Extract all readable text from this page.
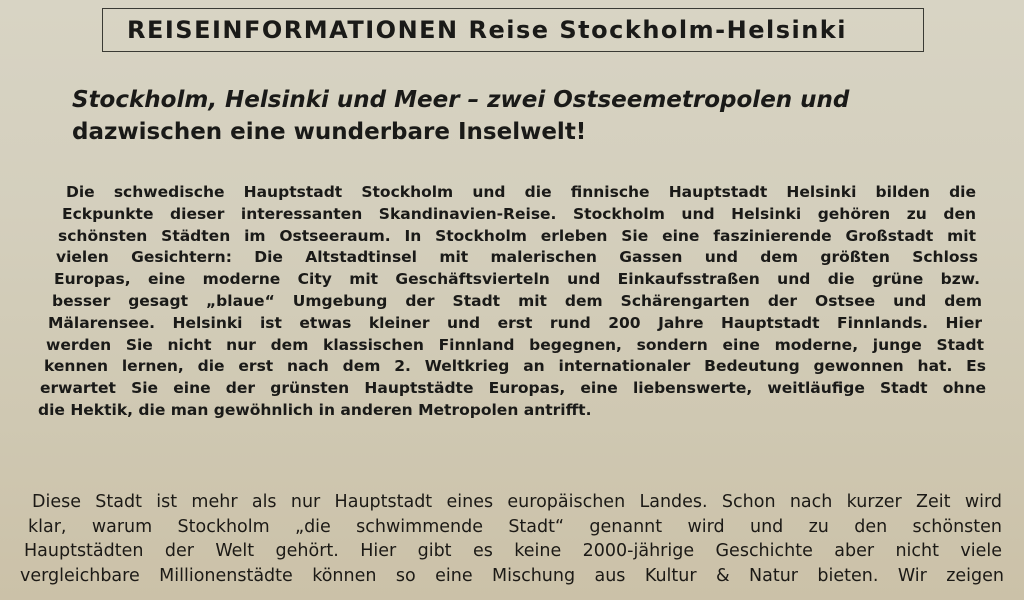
REISEINFORMATIONEN Reise Stockholm-Helsinki
Stockholm, Helsinki und Meer – zwei Ostseemetropolen und

dazwischen eine wunderbare Inselwelt!

Die schwedische Hauptstadt Stockholm und die finnische Hauptstadt Helsinki bilden die
Eckpunkte dieser interessanten Skandinavien-Reise. Stockholm und Helsinki gehören zu den
schönsten Städten im Ostseeraum. In Stockholm erleben Sie eine faszinierende Großstadt mit
vielen Gesichtern: Die Altstadtinsel mit malerischen Gassen und dem größten Schloss
Europas, eine moderne City mit Geschäftsvierteln und Einkaufsstraßen und die grüne bzw.
besser gesagt „blaue“ Umgebung der Stadt mit dem Schärengarten der Ostsee und dem
Mälarensee. Helsinki ist etwas kleiner und erst rund 200 Jahre Hauptstadt Finnlands. Hier
werden Sie nicht nur dem klassischen Finnland begegnen, sondern eine moderne, junge Stadt
kennen lernen, die erst nach dem 2. Weltkrieg an internationaler Bedeutung gewonnen hat. Es
erwartet Sie eine der grünsten Hauptstädte Europas, eine liebenswerte, weitläufige Stadt ohne
die Hektik, die man gewöhnlich in anderen Metropolen antrifft.

Diese Stadt ist mehr als nur Hauptstadt eines europäischen Landes. Schon nach kurzer Zeit wird
klar, warum Stockholm „die schwimmende Stadt“ genannt wird und zu den schönsten
Hauptstädten der Welt gehört. Hier gibt es keine 2000-jährige Geschichte aber nicht viele
vergleichbare Millionenstädte können so eine Mischung aus Kultur & Natur bieten. Wir zeigen
